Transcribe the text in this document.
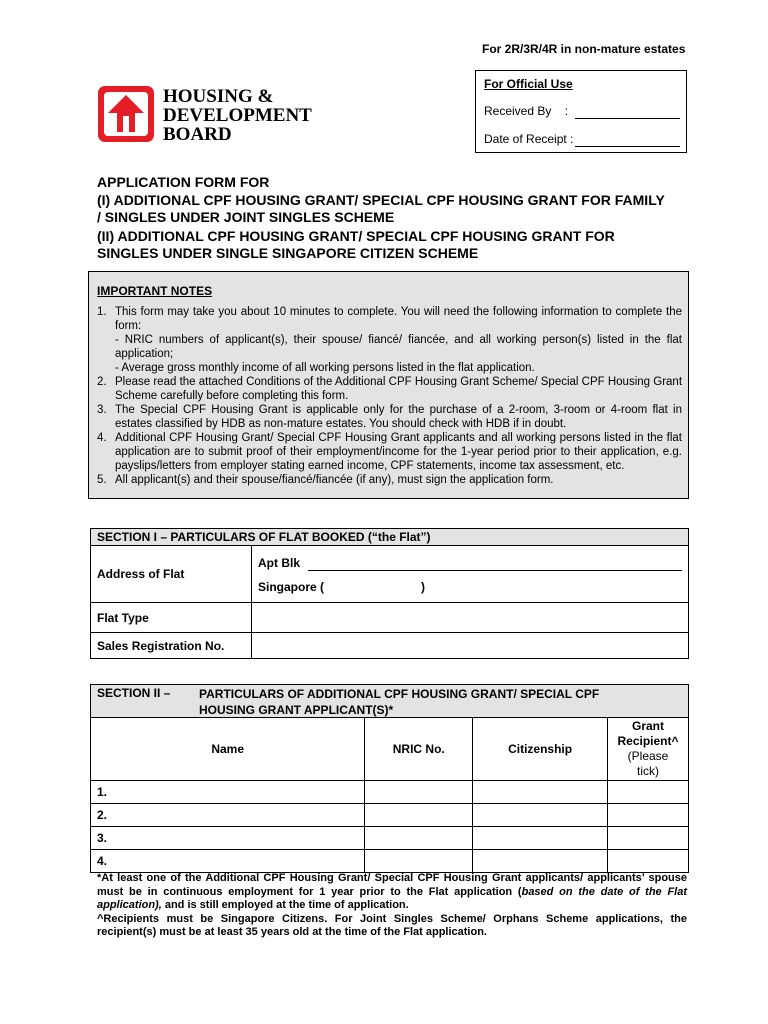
For 2R/3R/4R in non-mature estates
For Official Use
Received By :
Date of Receipt :
HOUSING &
DEVELOPMENT
BOARD
APPLICATION FORM FOR
(I) ADDITIONAL CPF HOUSING GRANT/ SPECIAL CPF HOUSING GRANT FOR FAMILY
/ SINGLES UNDER JOINT SINGLES SCHEME
(II) ADDITIONAL CPF HOUSING GRANT/ SPECIAL CPF HOUSING GRANT FOR
SINGLES UNDER SINGLE SINGAPORE CITIZEN SCHEME
IMPORTANT NOTES
1. This form may take you about 10 minutes to complete. You will need the following information to complete the form:
- NRIC numbers of applicant(s), their spouse/ fiancé/ fiancée, and all working person(s) listed in the flat application;
- Average gross monthly income of all working persons listed in the flat application.
2. Please read the attached Conditions of the Additional CPF Housing Grant Scheme/ Special CPF Housing Grant Scheme carefully before completing this form.
3. The Special CPF Housing Grant is applicable only for the purchase of a 2-room, 3-room or 4-room flat in estates classified by HDB as non-mature estates. You should check with HDB if in doubt.
4. Additional CPF Housing Grant/ Special CPF Housing Grant applicants and all working persons listed in the flat application are to submit proof of their employment/income for the 1-year period prior to their application, e.g. payslips/letters from employer stating earned income, CPF statements, income tax assessment, etc.
5. All applicant(s) and their spouse/fiancé/fiancée (if any), must sign the application form.
SECTION I – PARTICULARS OF FLAT BOOKED (“the Flat”)	
Address of Flat	Apt Blk
Singapore ( )

Flat Type	
Sales Registration No.	
SECTION II – PARTICULARS OF ADDITIONAL CPF HOUSING GRANT/ SPECIAL CPF
HOUSING GRANT APPLICANT(S)*			

Name	NRIC No.	Citizenship	Grant
Recipient^
(Please
tick)

1.			
2.			
3.			
4.			
*At least one of the Additional CPF Housing Grant/ Special CPF Housing Grant applicants/ applicants’ spouse must be in continuous employment for 1 year prior to the Flat application (based on the date of the Flat application), and is still employed at the time of application.
^Recipients must be Singapore Citizens. For Joint Singles Scheme/ Orphans Scheme applications, the recipient(s) must be at least 35 years old at the time of the Flat application.
